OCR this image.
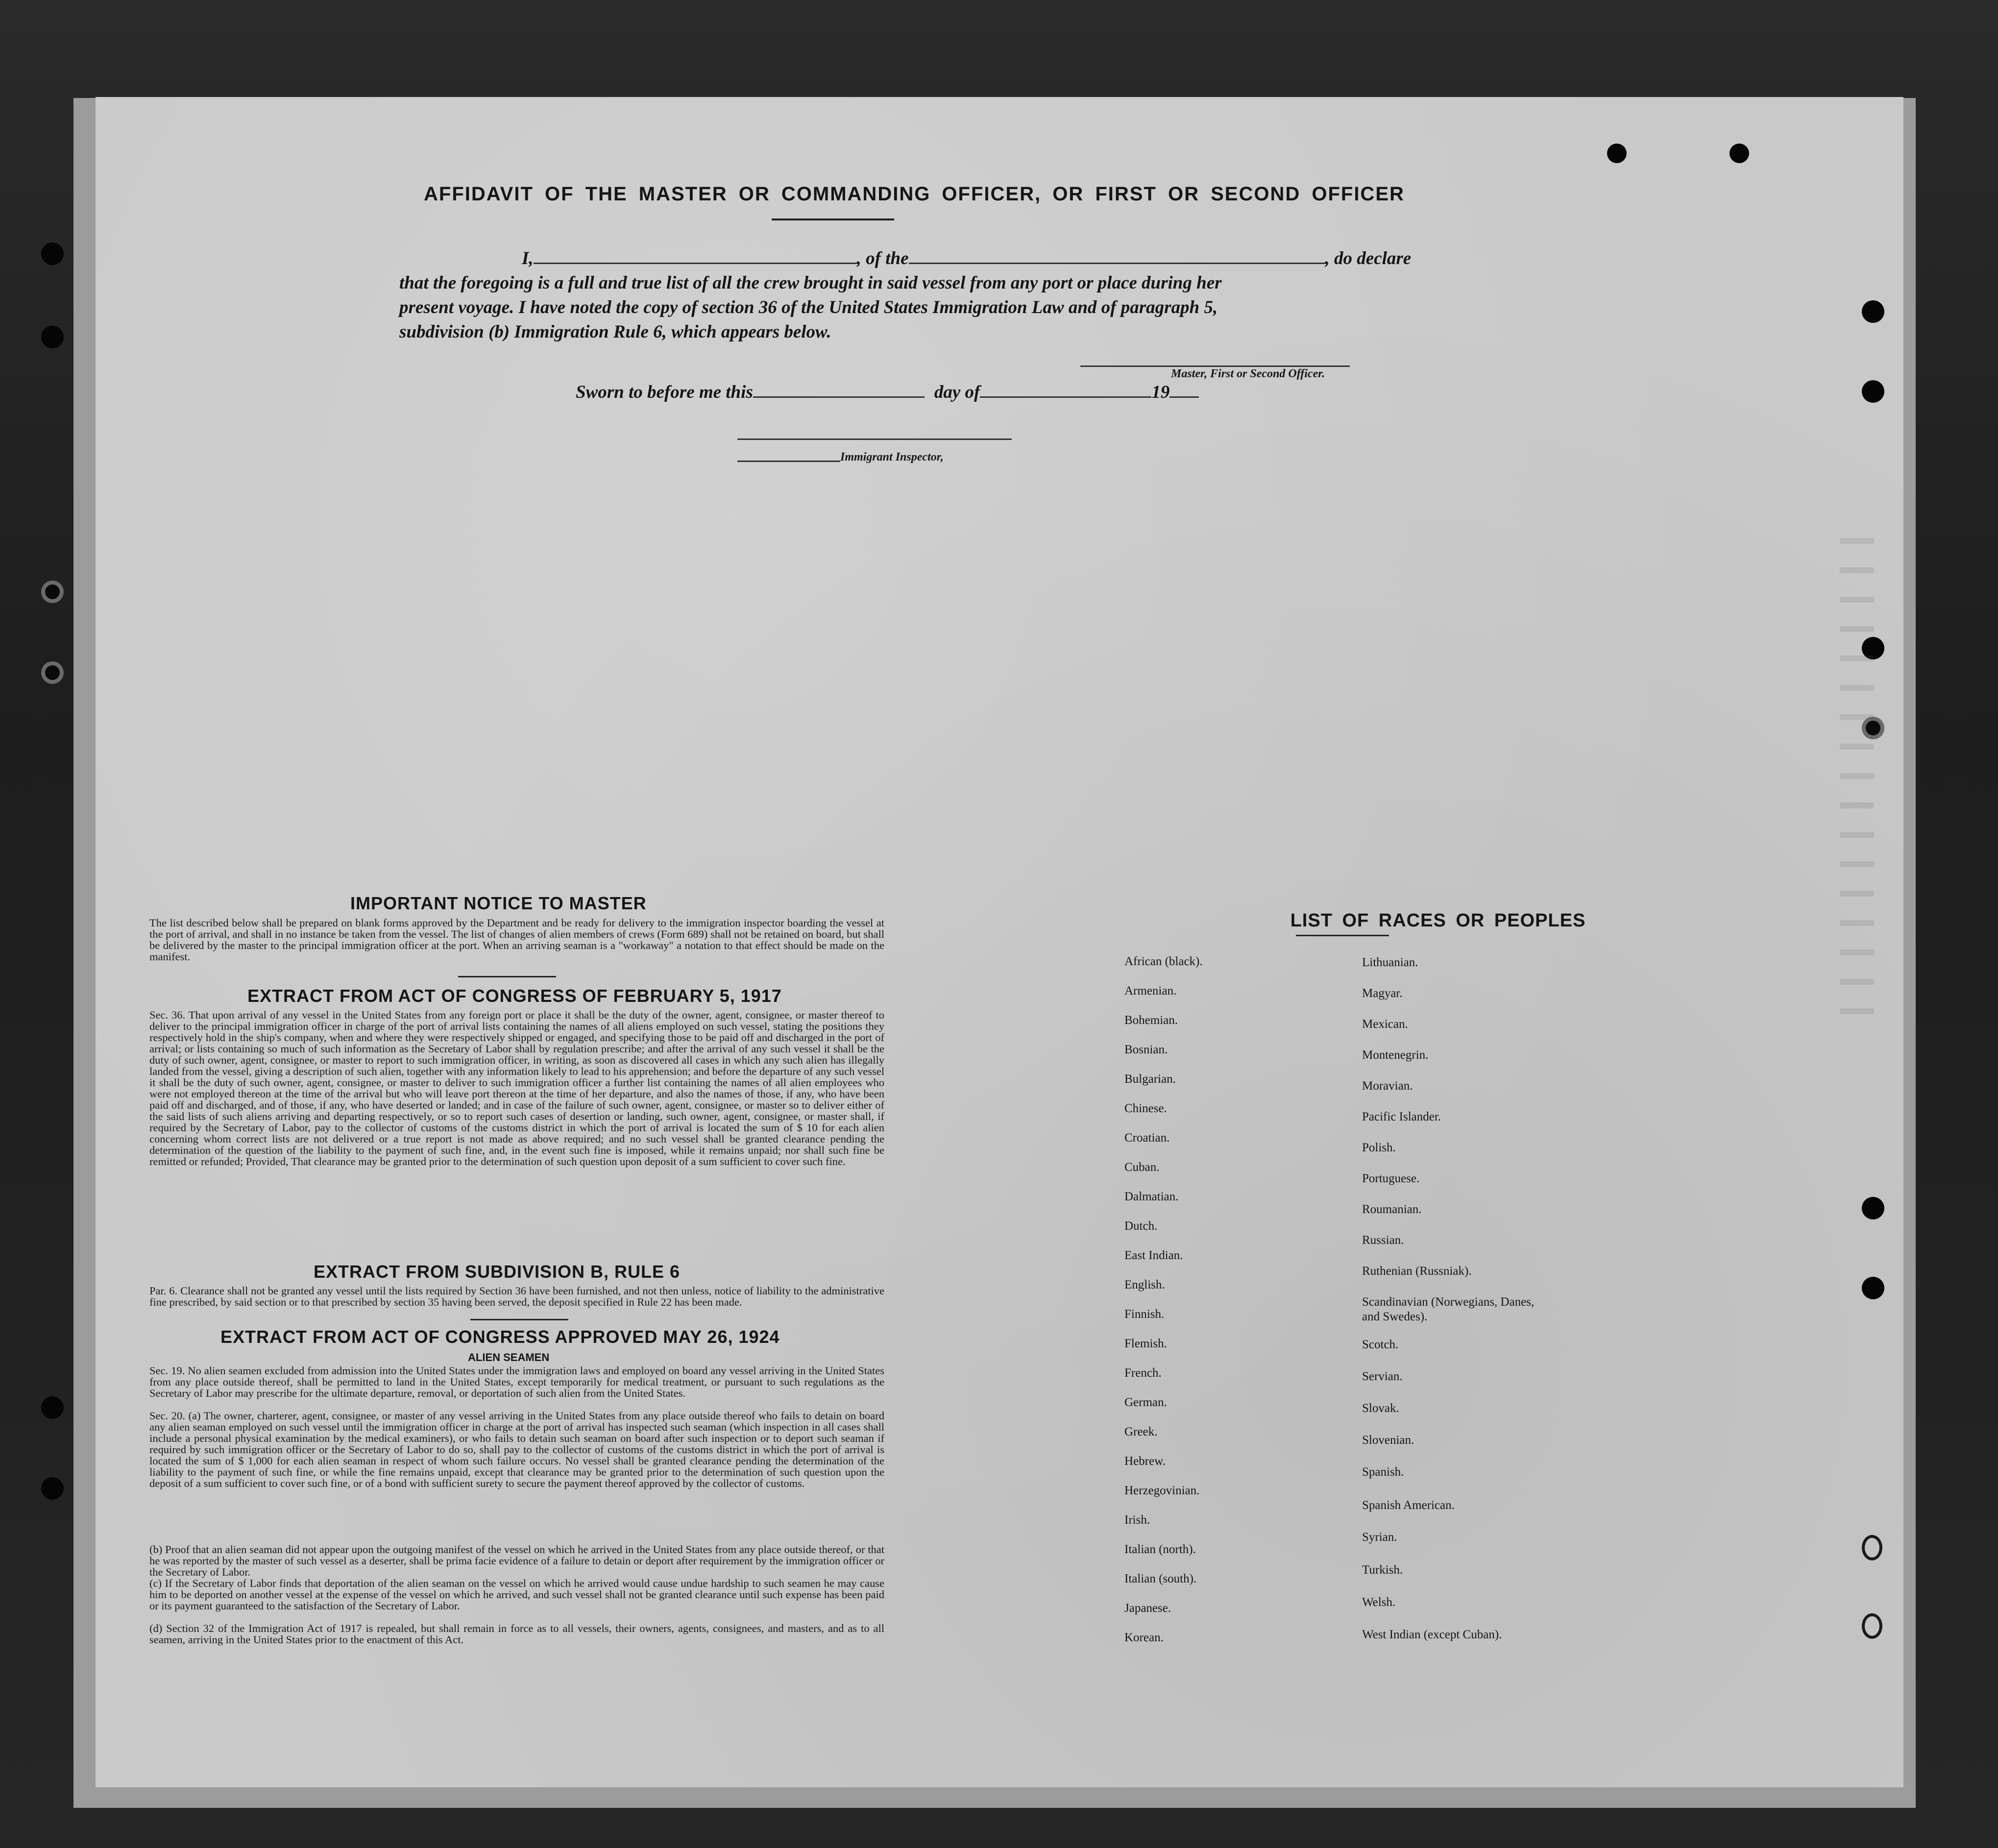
AFFIDAVIT OF THE MASTER OR COMMANDING OFFICER, OR FIRST OR SECOND OFFICER
I,	, of the	, do declare
that the foregoing is a full and true list of all the crew brought in said vessel from any port or place during her
present voyage. I have noted the copy of section 36 of the United States Immigration Law and of paragraph 5,
subdivision (b) Immigration Rule 6, which appears below.
Master, First or Second Officer.
Sworn to before me this	day of	19
Immigrant Inspector,
IMPORTANT NOTICE TO MASTER
The list described below shall be prepared on blank forms approved by the Department and be ready for delivery to the immigration inspector boarding the vessel at the port of arrival, and shall in no instance be taken from the vessel. The list of changes of alien members of crews (Form 689) shall not be retained on board, but shall be delivered by the master to the principal immigration officer at the port. When an arriving seaman is a "workaway" a notation to that effect should be made on the manifest.
EXTRACT FROM ACT OF CONGRESS OF FEBRUARY 5, 1917
Sec. 36. That upon arrival of any vessel in the United States from any foreign port or place it shall be the duty of the owner, agent, consignee, or master thereof to deliver to the principal immigration officer in charge of the port of arrival lists containing the names of all aliens employed on such vessel, stating the positions they respectively hold in the ship's company, when and where they were respectively shipped or engaged, and specifying those to be paid off and discharged in the port of arrival; or lists containing so much of such information as the Secretary of Labor shall by regulation prescribe; and after the arrival of any such vessel it shall be the duty of such owner, agent, consignee, or master to report to such immigration officer, in writing, as soon as discovered all cases in which any such alien has illegally landed from the vessel, giving a description of such alien, together with any information likely to lead to his apprehension; and before the departure of any such vessel it shall be the duty of such owner, agent, consignee, or master to deliver to such immigration officer a further list containing the names of all alien employees who were not employed thereon at the time of the arrival but who will leave port thereon at the time of her departure, and also the names of those, if any, who have been paid off and discharged, and of those, if any, who have deserted or landed; and in case of the failure of such owner, agent, consignee, or master so to deliver either of the said lists of such aliens arriving and departing respectively, or so to report such cases of desertion or landing, such owner, agent, consignee, or master shall, if required by the Secretary of Labor, pay to the collector of customs of the customs district in which the port of arrival is located the sum of $ 10 for each alien concerning whom correct lists are not delivered or a true report is not made as above required; and no such vessel shall be granted clearance pending the determination of the question of the liability to the payment of such fine, and, in the event such fine is imposed, while it remains unpaid; nor shall such fine be remitted or refunded; Provided, That clearance may be granted prior to the determination of such question upon deposit of a sum sufficient to cover such fine.
EXTRACT FROM SUBDIVISION B, RULE 6
Par. 6. Clearance shall not be granted any vessel until the lists required by Section 36 have been furnished, and not then unless, notice of liability to the administrative fine prescribed, by said section or to that prescribed by section 35 having been served, the deposit specified in Rule 22 has been made.
EXTRACT FROM ACT OF CONGRESS APPROVED MAY 26, 1924
ALIEN SEAMEN
Sec. 19. No alien seamen excluded from admission into the United States under the immigration laws and employed on board any vessel arriving in the United States from any place outside thereof, shall be permitted to land in the United States, except temporarily for medical treatment, or pursuant to such regulations as the Secretary of Labor may prescribe for the ultimate departure, removal, or deportation of such alien from the United States.
Sec. 20. (a) The owner, charterer, agent, consignee, or master of any vessel arriving in the United States from any place outside thereof who fails to detain on board any alien seaman employed on such vessel until the immigration officer in charge at the port of arrival has inspected such seaman (which inspection in all cases shall include a personal physical examination by the medical examiners), or who fails to detain such seaman on board after such inspection or to deport such seaman if required by such immigration officer or the Secretary of Labor to do so, shall pay to the collector of customs of the customs district in which the port of arrival is located the sum of $ 1,000 for each alien seaman in respect of whom such failure occurs. No vessel shall be granted clearance pending the determination of the liability to the payment of such fine, or while the fine remains unpaid, except that clearance may be granted prior to the determination of such question upon the deposit of a sum sufficient to cover such fine, or of a bond with sufficient surety to secure the payment thereof approved by the collector of customs.
(b) Proof that an alien seaman did not appear upon the outgoing manifest of the vessel on which he arrived in the United States from any place outside thereof, or that he was reported by the master of such vessel as a deserter, shall be prima facie evidence of a failure to detain or deport after requirement by the immigration officer or the Secretary of Labor.
(c) If the Secretary of Labor finds that deportation of the alien seaman on the vessel on which he arrived would cause undue hardship to such seamen he may cause him to be deported on another vessel at the expense of the vessel on which he arrived, and such vessel shall not be granted clearance until such expense has been paid or its payment guaranteed to the satisfaction of the Secretary of Labor.
(d) Section 32 of the Immigration Act of 1917 is repealed, but shall remain in force as to all vessels, their owners, agents, consignees, and masters, and as to all seamen, arriving in the United States prior to the enactment of this Act.
LIST OF RACES OR PEOPLES
African (black).
Armenian.
Bohemian.
Bosnian.
Bulgarian.
Chinese.
Croatian.
Cuban.
Dalmatian.
Dutch.
East Indian.
English.
Finnish.
Flemish.
French.
German.
Greek.
Hebrew.
Herzegovinian.
Irish.
Italian (north).
Italian (south).
Japanese.
Korean.
Lithuanian.
Magyar.
Mexican.
Montenegrin.
Moravian.
Pacific Islander.
Polish.
Portuguese.
Roumanian.
Russian.
Ruthenian (Russniak).
Scandinavian (Norwegians, Danes, and Swedes).
Scotch.
Servian.
Slovak.
Slovenian.
Spanish.
Spanish American.
Syrian.
Turkish.
Welsh.
West Indian (except Cuban).
